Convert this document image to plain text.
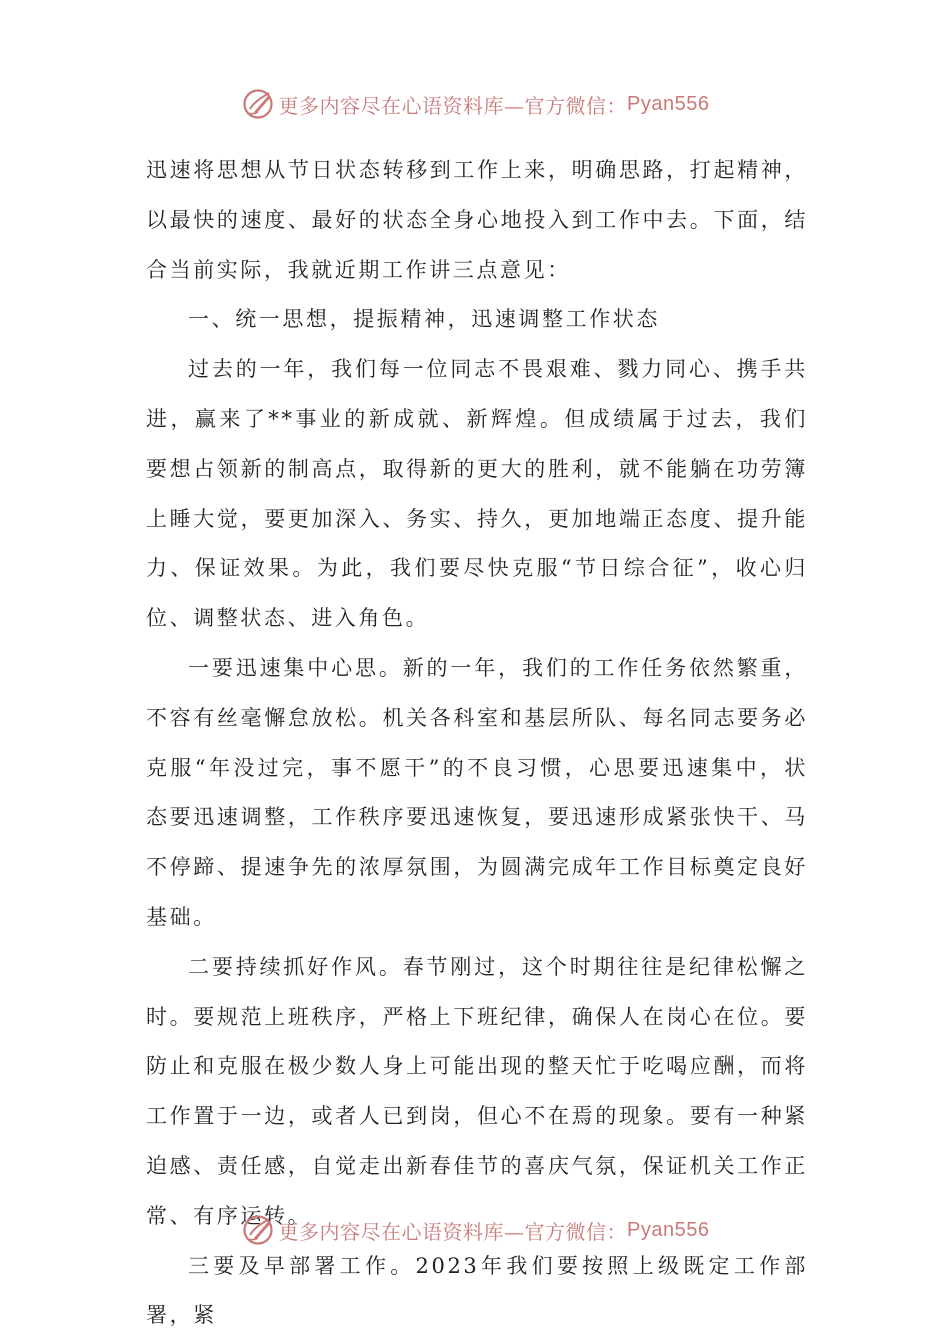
更多内容尽在心语资料库—官方微信： Pyan556

迅速将思想从节日状态转移到工作上来，明确思路，打起精神，以最快的速度、最好的状态全身心地投入到工作中去。下面，结合当前实际，我就近期工作讲三点意见：

一、统一思想，提振精神，迅速调整工作状态

过去的一年，我们每一位同志不畏艰难、戮力同心、携手共进，赢来了**事业的新成就、新辉煌。但成绩属于过去，我们要想占领新的制高点，取得新的更大的胜利，就不能躺在功劳簿上睡大觉，要更加深入、务实、持久，更加地端正态度、提升能力、保证效果。为此，我们要尽快克服“节日综合征”，收心归位、调整状态、进入角色。

一要迅速集中心思。新的一年，我们的工作任务依然繁重，不容有丝毫懈怠放松。机关各科室和基层所队、每名同志要务必克服“年没过完，事不愿干”的不良习惯，心思要迅速集中，状态要迅速调整，工作秩序要迅速恢复，要迅速形成紧张快干、马不停蹄、提速争先的浓厚氛围，为圆满完成年工作目标奠定良好基础。

二要持续抓好作风。春节刚过，这个时期往往是纪律松懈之时。要规范上班秩序，严格上下班纪律，确保人在岗心在位。要防止和克服在极少数人身上可能出现的整天忙于吃喝应酬，而将工作置于一边，或者人已到岗，但心不在焉的现象。要有一种紧迫感、责任感，自觉走出新春佳节的喜庆气氛，保证机关工作正常、有序运转。

三要及早部署工作。2023年我们要按照上级既定工作部署，紧

更多内容尽在心语资料库—官方微信： Pyan556
